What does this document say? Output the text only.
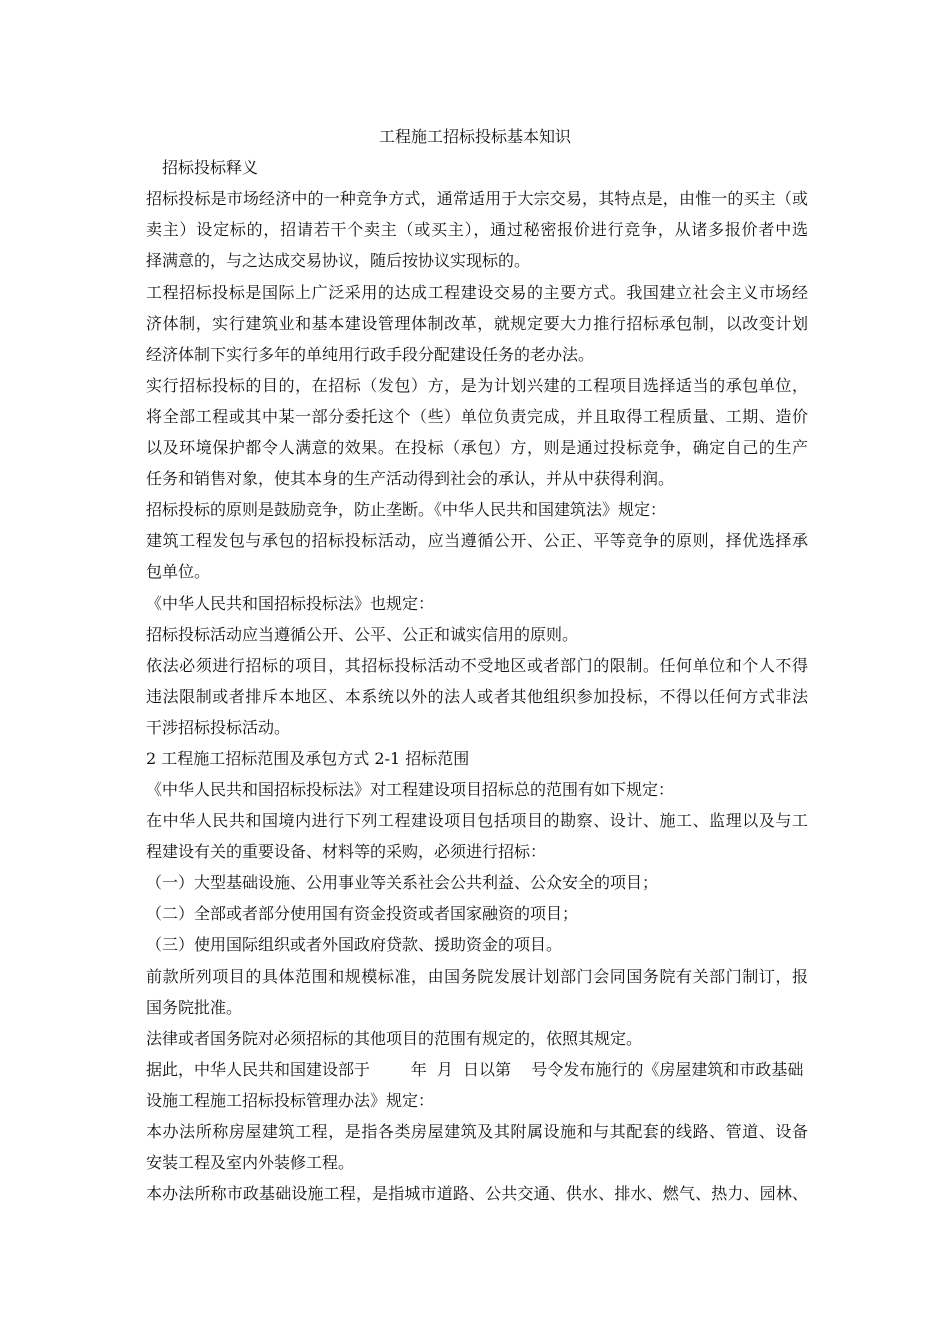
工程施工招标投标基本知识
招标投标释义
招标投标是市场经济中的一种竞争方式，通常适用于大宗交易，其特点是，由惟一的买主（或
卖主）设定标的，招请若干个卖主（或买主），通过秘密报价进行竞争，从诸多报价者中选
择满意的，与之达成交易协议，随后按协议实现标的。
工程招标投标是国际上广泛采用的达成工程建设交易的主要方式。我国建立社会主义市场经
济体制，实行建筑业和基本建设管理体制改革，就规定要大力推行招标承包制，以改变计划
经济体制下实行多年的单纯用行政手段分配建设任务的老办法。
实行招标投标的目的，在招标（发包）方，是为计划兴建的工程项目选择适当的承包单位，
将全部工程或其中某一部分委托这个（些）单位负责完成，并且取得工程质量、工期、造价
以及环境保护都令人满意的效果。在投标（承包）方，则是通过投标竞争，确定自己的生产
任务和销售对象，使其本身的生产活动得到社会的承认，并从中获得利润。
招标投标的原则是鼓励竞争，防止垄断。《中华人民共和国建筑法》规定：
建筑工程发包与承包的招标投标活动，应当遵循公开、公正、平等竞争的原则，择优选择承
包单位。
《中华人民共和国招标投标法》也规定：
招标投标活动应当遵循公开、公平、公正和诚实信用的原则。
依法必须进行招标的项目，其招标投标活动不受地区或者部门的限制。任何单位和个人不得
违法限制或者排斥本地区、本系统以外的法人或者其他组织参加投标，不得以任何方式非法
干涉招标投标活动。
2 工程施工招标范围及承包方式 2-1 招标范围
《中华人民共和国招标投标法》对工程建设项目招标总的范围有如下规定：
在中华人民共和国境内进行下列工程建设项目包括项目的勘察、设计、施工、监理以及与工
程建设有关的重要设备、材料等的采购，必须进行招标：
（一）大型基础设施、公用事业等关系社会公共利益、公众安全的项目；
（二）全部或者部分使用国有资金投资或者国家融资的项目；
（三）使用国际组织或者外国政府贷款、援助资金的项目。
前款所列项目的具体范围和规模标准，由国务院发展计划部门会同国务院有关部门制订，报
国务院批准。
法律或者国务院对必须招标的其他项目的范围有规定的，依照其规定。
据此，中华人民共和国建设部于        年  月  日以第    号令发布施行的《房屋建筑和市政基础
设施工程施工招标投标管理办法》规定：
本办法所称房屋建筑工程，是指各类房屋建筑及其附属设施和与其配套的线路、管道、设备
安装工程及室内外装修工程。
本办法所称市政基础设施工程，是指城市道路、公共交通、供水、排水、燃气、热力、园林、
